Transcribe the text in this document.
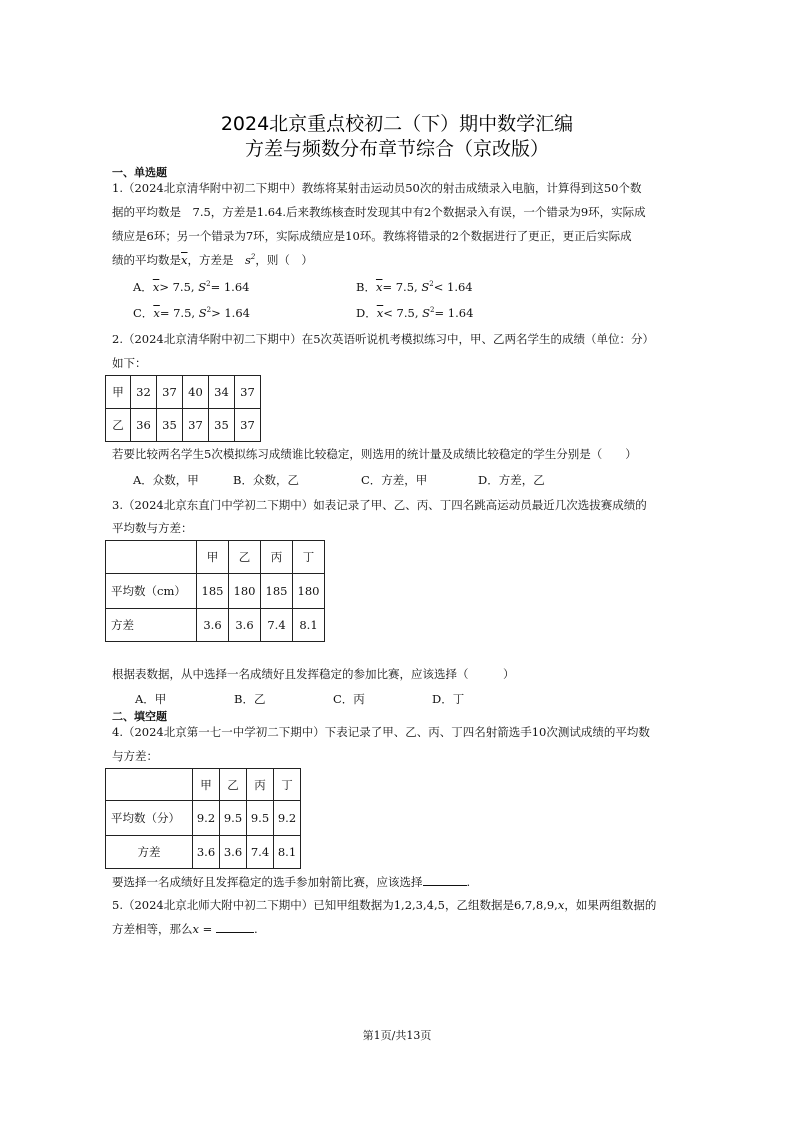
2024北京重点校初二（下）期中数学汇编
方差与频数分布章节综合（京改版）
一、单选题
1.（2024北京清华附中初二下期中）教练将某射击运动员50次的射击成绩录入电脑，计算得到这50个数
据的平均数是　7.5，方差是1.64.后来教练核查时发现其中有2个数据录入有误，一个错录为9环，实际成
绩应是6环；另一个错录为7环，实际成绩应是10环。教练将错录的2个数据进行了更正，更正后实际成
绩的平均数是$\overline{x}$，方差是　$s^2$，则（　）
A．$\overline{x}> 7.5$, $S^2= 1.64$	B．$\overline{x}= 7.5$, $S^2< 1.64$
C．$\overline{x}= 7.5$, $S^2> 1.64$	D．$\overline{x}< 7.5$, $S^2= 1.64$
2.（2024北京清华附中初二下期中）在5次英语听说机考模拟练习中，甲、乙两名学生的成绩（单位：分）
如下：
甲	32	37	40	34	37
乙	36	35	37	35	37
若要比较两名学生5次模拟练习成绩谁比较稳定，则选用的统计量及成绩比较稳定的学生分别是（　　）
A．众数，甲	B．众数，乙	C．方差，甲	D．方差，乙
3.（2024北京东直门中学初二下期中）如表记录了甲、乙、丙、丁四名跳高运动员最近几次选拔赛成绩的
平均数与方差：
	甲	乙	丙	丁
平均数（cm）	185	180	185	180
方差	3.6	3.6	7.4	8.1
根据表数据，从中选择一名成绩好且发挥稳定的参加比赛，应该选择（　　　）
A．甲	B．乙	C．丙	D．丁
二、填空题
4.（2024北京第一七一中学初二下期中）下表记录了甲、乙、丙、丁四名射箭选手10次测试成绩的平均数
与方差：
	甲	乙	丙	丁
平均数（分）	9.2	9.5	9.5	9.2
方差	3.6	3.6	7.4	8.1
要选择一名成绩好且发挥稳定的选手参加射箭比赛，应该选择	.
5.（2024北京北师大附中初二下期中）已知甲组数据为1,2,3,4,5，乙组数据是6,7,8,9,x，如果两组数据的
方差相等，那么x =	.
第1页/共13页
